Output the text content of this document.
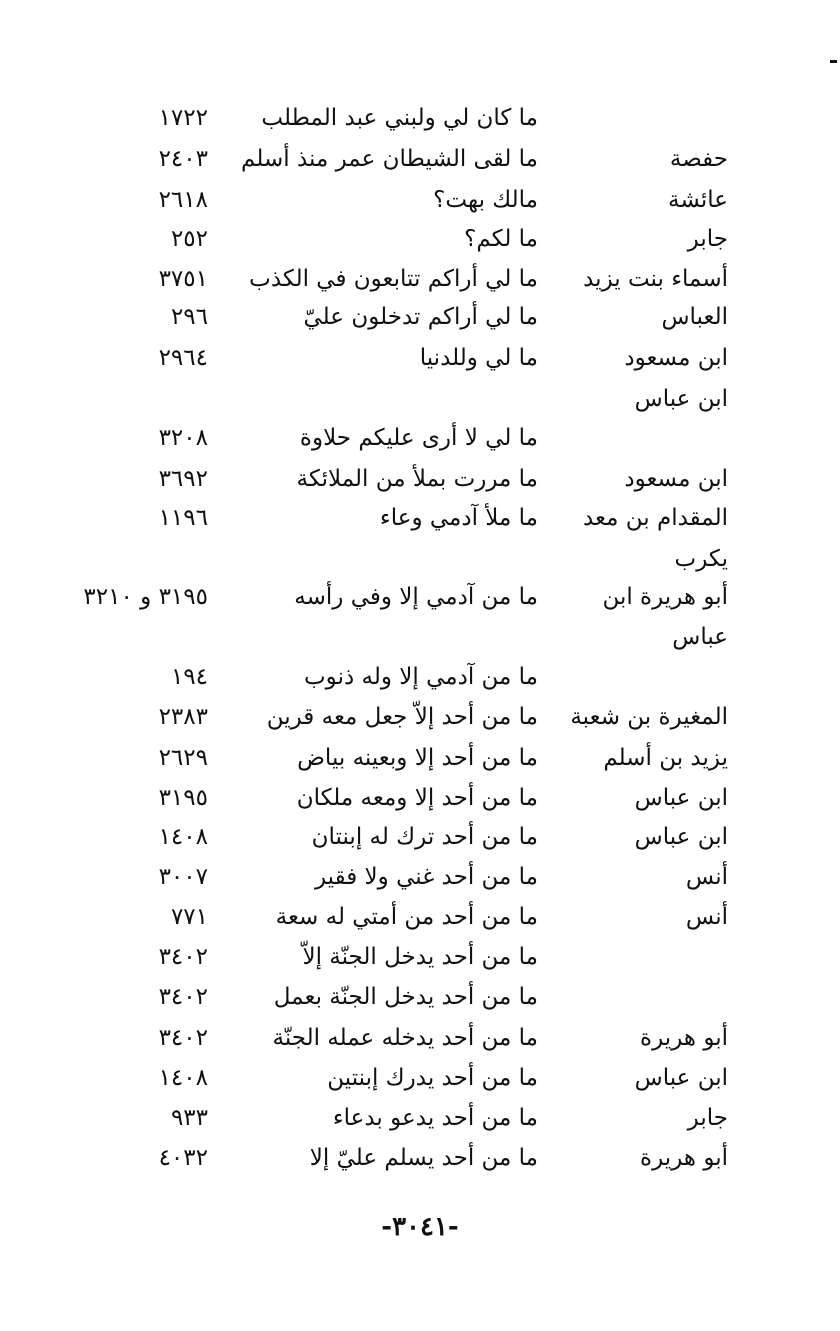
ما كان لي ولبني عبد المطلب
١٧٢٢
حفصة
ما لقى الشيطان عمر منذ أسلم
٢٤٠٣
عائشة
مالك بهت؟
٢٦١٨
جابر
ما لكم؟
٢٥٢
أسماء بنت يزيد
ما لي أراكم تتابعون في الكذب
٣٧٥١
العباس
ما لي أراكم تدخلون عليّ
٢٩٦
ابن مسعود
ما لي وللدنيا
٢٩٦٤
ابن عباس
ما لي لا أرى عليكم حلاوة
٣٢٠٨
ابن مسعود
ما مررت بملأ من الملائكة
٣٦٩٢
المقدام بن معد
ما ملأ آدمي وعاء
١١٩٦
يكرب
أبو هريرة ابن
ما من آدمي إلا وفي رأسه
٣١٩٥ و ٣٢١٠
عباس
ما من آدمي إلا وله ذنوب
١٩٤
المغيرة بن شعبة
ما من أحد إلاّ جعل معه قرين
٢٣٨٣
يزيد بن أسلم
ما من أحد إلا وبعينه بياض
٢٦٢٩
ابن عباس
ما من أحد إلا ومعه ملكان
٣١٩٥
ابن عباس
ما من أحد ترك له إبنتان
١٤٠٨
أنس
ما من أحد غني ولا فقير
٣٠٠٧
أنس
ما من أحد من أمتي له سعة
٧٧١
ما من أحد يدخل الجنّة إلاّ
٣٤٠٢
ما من أحد يدخل الجنّة بعمل
٣٤٠٢
أبو هريرة
ما من أحد يدخله عمله الجنّة
٣٤٠٢
ابن عباس
ما من أحد يدرك إبنتين
١٤٠٨
جابر
ما من أحد يدعو بدعاء
٩٣٣
أبو هريرة
ما من أحد يسلم عليّ إلا
٤٠٣٢
-٣٠٤١-
